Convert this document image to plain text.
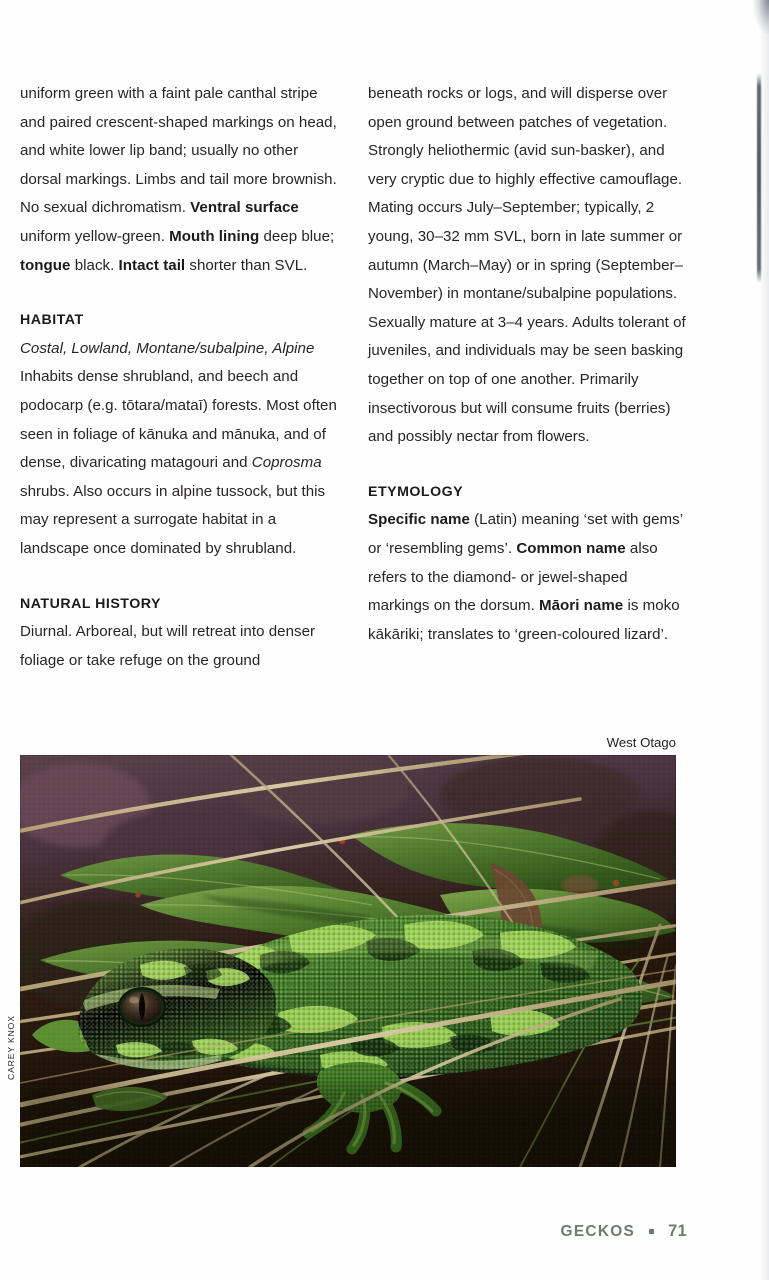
uniform green with a faint pale canthal stripe and paired crescent-shaped markings on head, and white lower lip band; usually no other dorsal markings. Limbs and tail more brownish. No sexual dichromatism. Ventral surface uniform yellow-green. Mouth lining deep blue; tongue black. Intact tail shorter than SVL.

HABITAT

Costal, Lowland, Montane/subalpine, Alpine
Inhabits dense shrubland, and beech and podocarp (e.g. tōtara/mataī) forests. Most often seen in foliage of kānuka and mānuka, and of dense, divaricating matagouri and Coprosma shrubs. Also occurs in alpine tussock, but this may represent a surrogate habitat in a landscape once dominated by shrubland.

NATURAL HISTORY

Diurnal. Arboreal, but will retreat into denser foliage or take refuge on the ground

beneath rocks or logs, and will disperse over open ground between patches of vegetation. Strongly heliothermic (avid sun-basker), and very cryptic due to highly effective camouflage. Mating occurs July–September; typically, 2 young, 30–32 mm SVL, born in late summer or autumn (March–May) or in spring (September–November) in montane/subalpine populations. Sexually mature at 3–4 years. Adults tolerant of juveniles, and individuals may be seen basking together on top of one another. Primarily insectivorous but will consume fruits (berries) and possibly nectar from flowers.

ETYMOLOGY

Specific name (Latin) meaning ‘set with gems’ or ‘resembling gems’. Common name also refers to the diamond- or jewel-shaped markings on the dorsum. Māori name is moko kākāriki; translates to ‘green-coloured lizard’.

West Otago
CAREY KNOX
GECKOS 71
